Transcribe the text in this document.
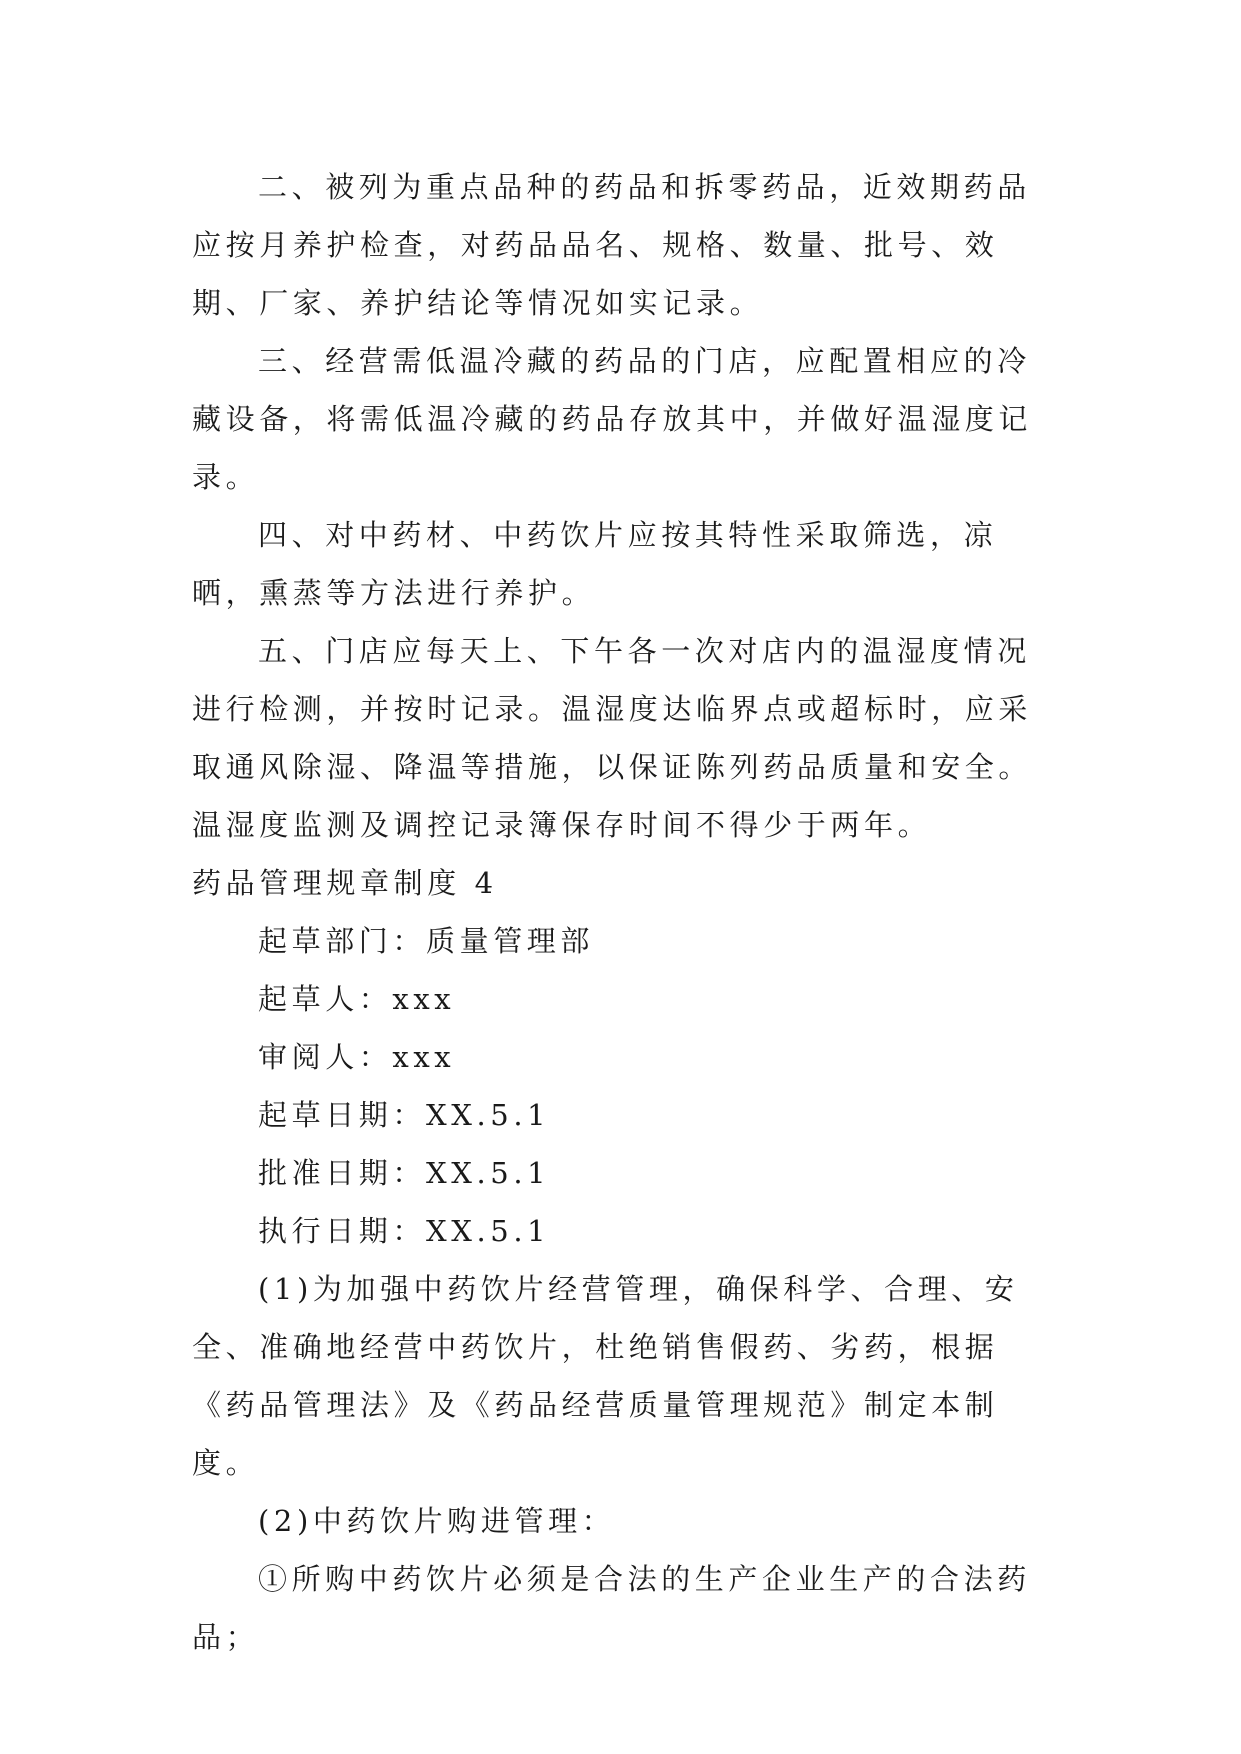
二、被列为重点品种的药品和拆零药品，近效期药品应按月养护检查，对药品品名、规格、数量、批号、效期、厂家、养护结论等情况如实记录。

三、经营需低温冷藏的药品的门店，应配置相应的冷藏设备，将需低温冷藏的药品存放其中，并做好温湿度记录。

四、对中药材、中药饮片应按其特性采取筛选，凉晒，熏蒸等方法进行养护。

五、门店应每天上、下午各一次对店内的温湿度情况进行检测，并按时记录。温湿度达临界点或超标时，应采取通风除湿、降温等措施，以保证陈列药品质量和安全。温湿度监测及调控记录簿保存时间不得少于两年。

药品管理规章制度 4

起草部门：质量管理部

起草人：xxx

审阅人：xxx

起草日期：XX.5.1

批准日期：XX.5.1

执行日期：XX.5.1

(1)为加强中药饮片经营管理，确保科学、合理、安全、准确地经营中药饮片，杜绝销售假药、劣药，根据《药品管理法》及《药品经营质量管理规范》制定本制度。

(2)中药饮片购进管理：

①所购中药饮片必须是合法的生产企业生产的合法药品；
